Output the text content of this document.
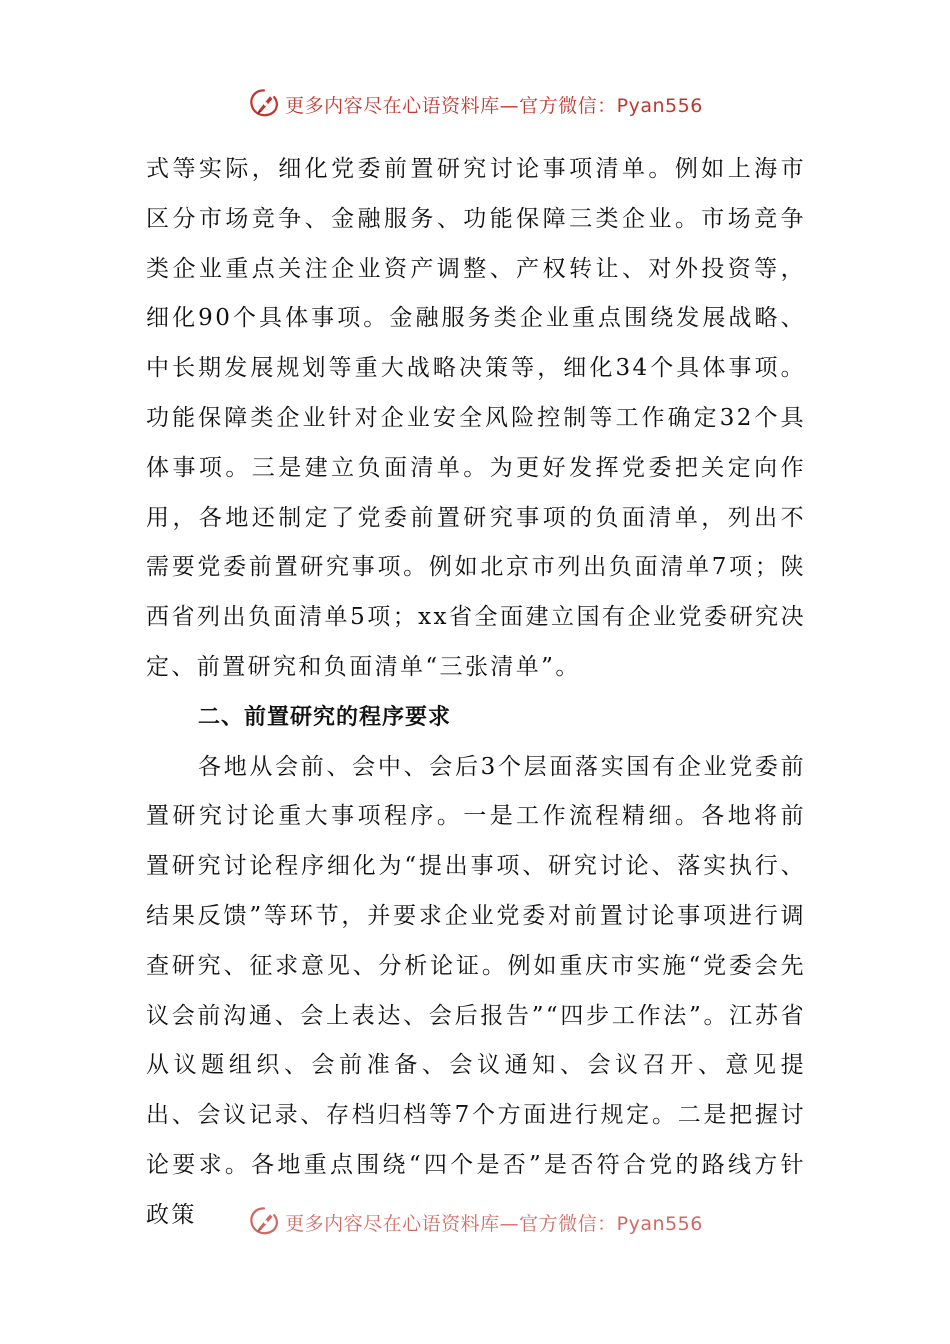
更多内容尽在心语资料库—官方微信：Pyan556

式等实际，细化党委前置研究讨论事项清单。例如上海市区分市场竞争、金融服务、功能保障三类企业。市场竞争类企业重点关注企业资产调整、产权转让、对外投资等，细化90个具体事项。金融服务类企业重点围绕发展战略、中长期发展规划等重大战略决策等，细化34个具体事项。功能保障类企业针对企业安全风险控制等工作确定32个具体事项。三是建立负面清单。为更好发挥党委把关定向作用，各地还制定了党委前置研究事项的负面清单，列出不需要党委前置研究事项。例如北京市列出负面清单7项；陕西省列出负面清单5项；xx省全面建立国有企业党委研究决定、前置研究和负面清单“三张清单”。

二、前置研究的程序要求

各地从会前、会中、会后3个层面落实国有企业党委前置研究讨论重大事项程序。一是工作流程精细。各地将前置研究讨论程序细化为“提出事项、研究讨论、落实执行、结果反馈”等环节，并要求企业党委对前置讨论事项进行调查研究、征求意见、分析论证。例如重庆市实施“党委会先议会前沟通、会上表达、会后报告”“四步工作法”。江苏省从议题组织、会前准备、会议通知、会议召开、意见提出、会议记录、存档归档等7个方面进行规定。二是把握讨论要求。各地重点围绕“四个是否”是否符合党的路线方针政策	更多内容尽在心语资料库—官方微信：Pyan556
